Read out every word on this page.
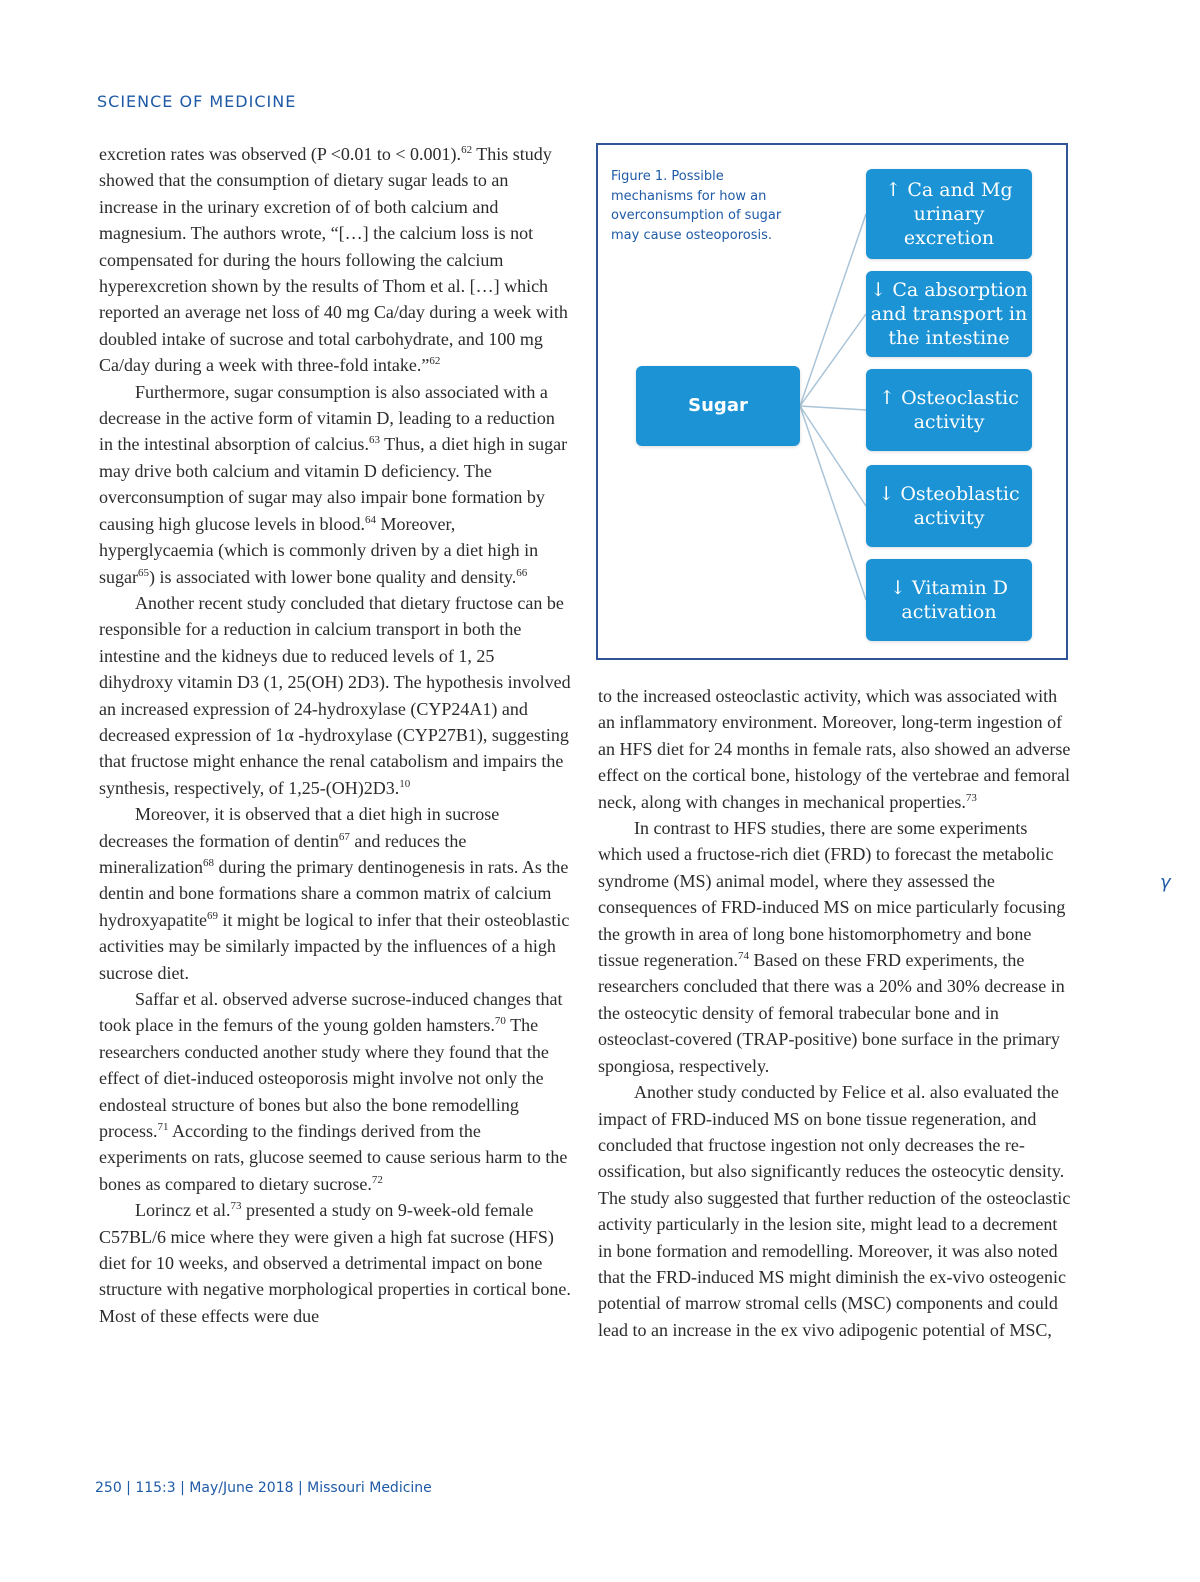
SCIENCE OF MEDICINE

excretion rates was observed (P <0.01 to < 0.001).$^{62}$ This study showed that the consumption of dietary sugar leads to an increase in the urinary excretion of of both calcium and magnesium. The authors wrote, “[…] the calcium loss is not compensated for during the hours following the calcium hyperexcretion shown by the results of Thom et al. […] which reported an average net loss of 40 mg Ca/day during a week with doubled intake of sucrose and total carbohydrate, and 100 mg Ca/day during a week with three-fold intake.”$^{62}$

Furthermore, sugar consumption is also associated with a decrease in the active form of vitamin D, leading to a reduction in the intestinal absorption of calcius.$^{63}$ Thus, a diet high in sugar may drive both calcium and vitamin D deficiency. The overconsumption of sugar may also impair bone formation by causing high glucose levels in blood.$^{64}$ Moreover, hyperglycaemia (which is commonly driven by a diet high in sugar$^{65}$) is associated with lower bone quality and density.$^{66}$

Another recent study concluded that dietary fructose can be responsible for a reduction in calcium transport in both the intestine and the kidneys due to reduced levels of 1, 25 dihydroxy vitamin D3 (1, 25(OH) 2D3). The hypothesis involved an increased expression of 24-hydroxylase (CYP24A1) and decreased expression of 1α -hydroxylase (CYP27B1), suggesting that fructose might enhance the renal catabolism and impairs the synthesis, respectively, of 1,25-(OH)2D3.10

Moreover, it is observed that a diet high in sucrose decreases the formation of dentin$^{67}$ and reduces the mineralization$^{68}$ during the primary dentinogenesis in rats. As the dentin and bone formations share a common matrix of calcium hydroxyapatite$^{69}$ it might be logical to infer that their osteoblastic activities may be similarly impacted by the influences of a high sucrose diet.

Saffar et al. observed adverse sucrose-induced changes that took place in the femurs of the young golden hamsters.$^{70}$ The researchers conducted another study where they found that the effect of diet-induced osteoporosis might involve not only the endosteal structure of bones but also the bone remodelling process.$^{71}$ According to the findings derived from the experiments on rats, glucose seemed to cause serious harm to the bones as compared to dietary sucrose.$^{72}$

Lorincz et al.$^{73}$ presented a study on 9-week-old female C57BL/6 mice where they were given a high fat sucrose (HFS) diet for 10 weeks, and observed a detrimental impact on bone structure with negative morphological properties in cortical bone. Most of these effects were due

Figure 1. Possible mechanisms for how an overconsumption of sugar may cause osteoporosis.
Sugar
↑ Ca and Mg
urinary
excretion
↓ Ca absorption
and transport in
the intestine
↑ Osteoclastic
activity
↓ Osteoblastic
activity
↓ Vitamin D
activation

to the increased osteoclastic activity, which was associated with an inflammatory environment. Moreover, long-term ingestion of an HFS diet for 24 months in female rats, also showed an adverse effect on the cortical bone, histology of the vertebrae and femoral neck, along with changes in mechanical properties.$^{73}$

In contrast to HFS studies, there are some experiments which used a fructose-rich diet (FRD) to forecast the metabolic syndrome (MS) animal model, where they assessed the consequences of FRD-induced MS on mice particularly focusing the growth in area of long bone histomorphometry and bone tissue regeneration.$^{74}$ Based on these FRD experiments, the researchers concluded that there was a 20% and 30% decrease in the osteocytic density of femoral trabecular bone and in osteoclast-covered (TRAP-positive) bone surface in the primary spongiosa, respectively.

Another study conducted by Felice et al. also evaluated the impact of FRD-induced MS on bone tissue regeneration, and concluded that fructose ingestion not only decreases the re-ossification, but also significantly reduces the osteocytic density. The study also suggested that further reduction of the osteoclastic activity particularly in the lesion site, might lead to a decrement in bone formation and remodelling. Moreover, it was also noted that the FRD-induced MS might diminish the ex-vivo osteogenic potential of marrow stromal cells (MSC) components and could lead to an increase in the ex vivo adipogenic potential of MSC,

250 | 115:3 | May/June 2018 | Missouri Medicine
γ
